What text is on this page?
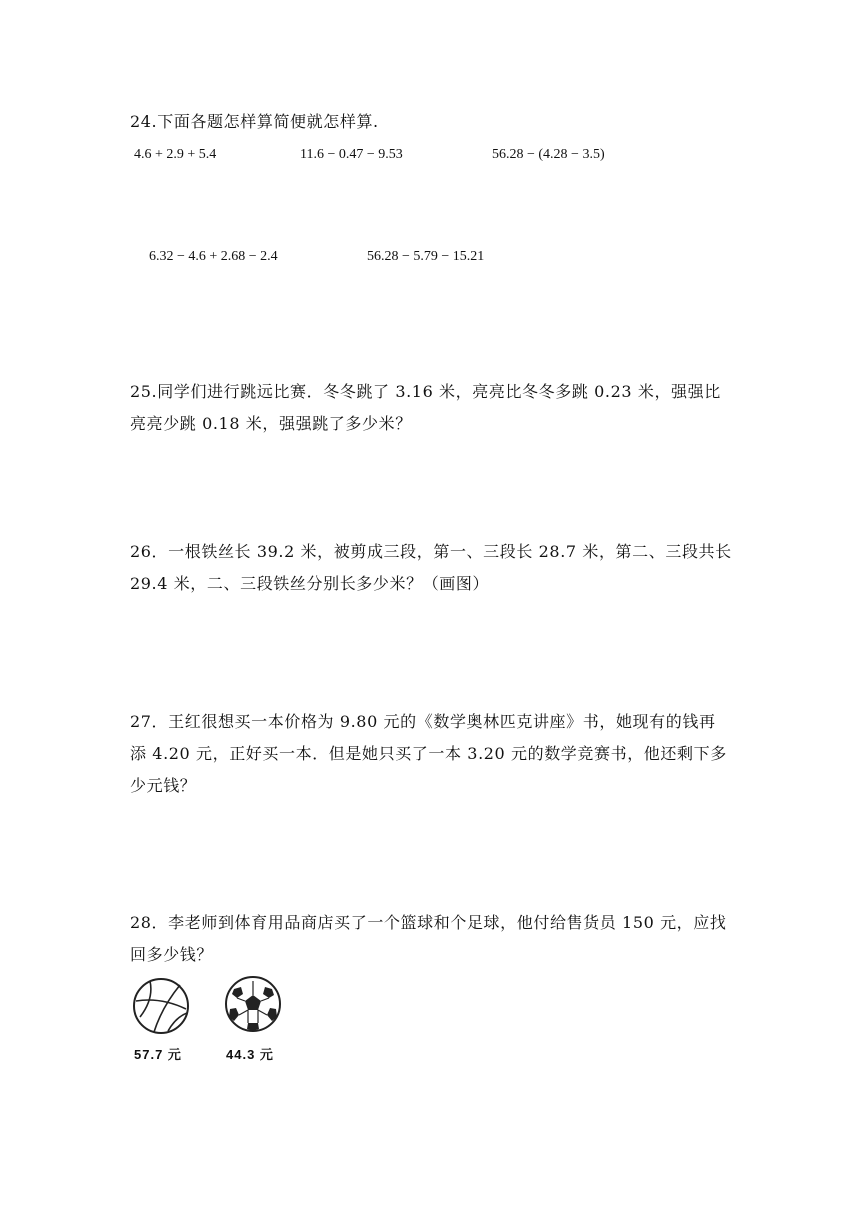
24.下面各题怎样算简便就怎样算.
4.6 + 2.9 + 5.4	11.6 − 0.47 − 9.53	56.28 − (4.28 − 3.5)
6.32 − 4.6 + 2.68 − 2.4	56.28 − 5.79 − 15.21
25.同学们进行跳远比赛．冬冬跳了 3.16 米，亮亮比冬冬多跳 0.23 米，强强比
亮亮少跳 0.18 米，强强跳了多少米？
26．一根铁丝长 39.2 米，被剪成三段，第一、三段长 28.7 米，第二、三段共长
29.4 米，二、三段铁丝分别长多少米？（画图）
27．王红很想买一本价格为 9.80 元的《数学奥林匹克讲座》书，她现有的钱再
添 4.20 元，正好买一本．但是她只买了一本 3.20 元的数学竞赛书，他还剩下多
少元钱？
28．李老师到体育用品商店买了一个篮球和个足球，他付给售货员 150 元，应找
回多少钱？
57.7 元	44.3 元
